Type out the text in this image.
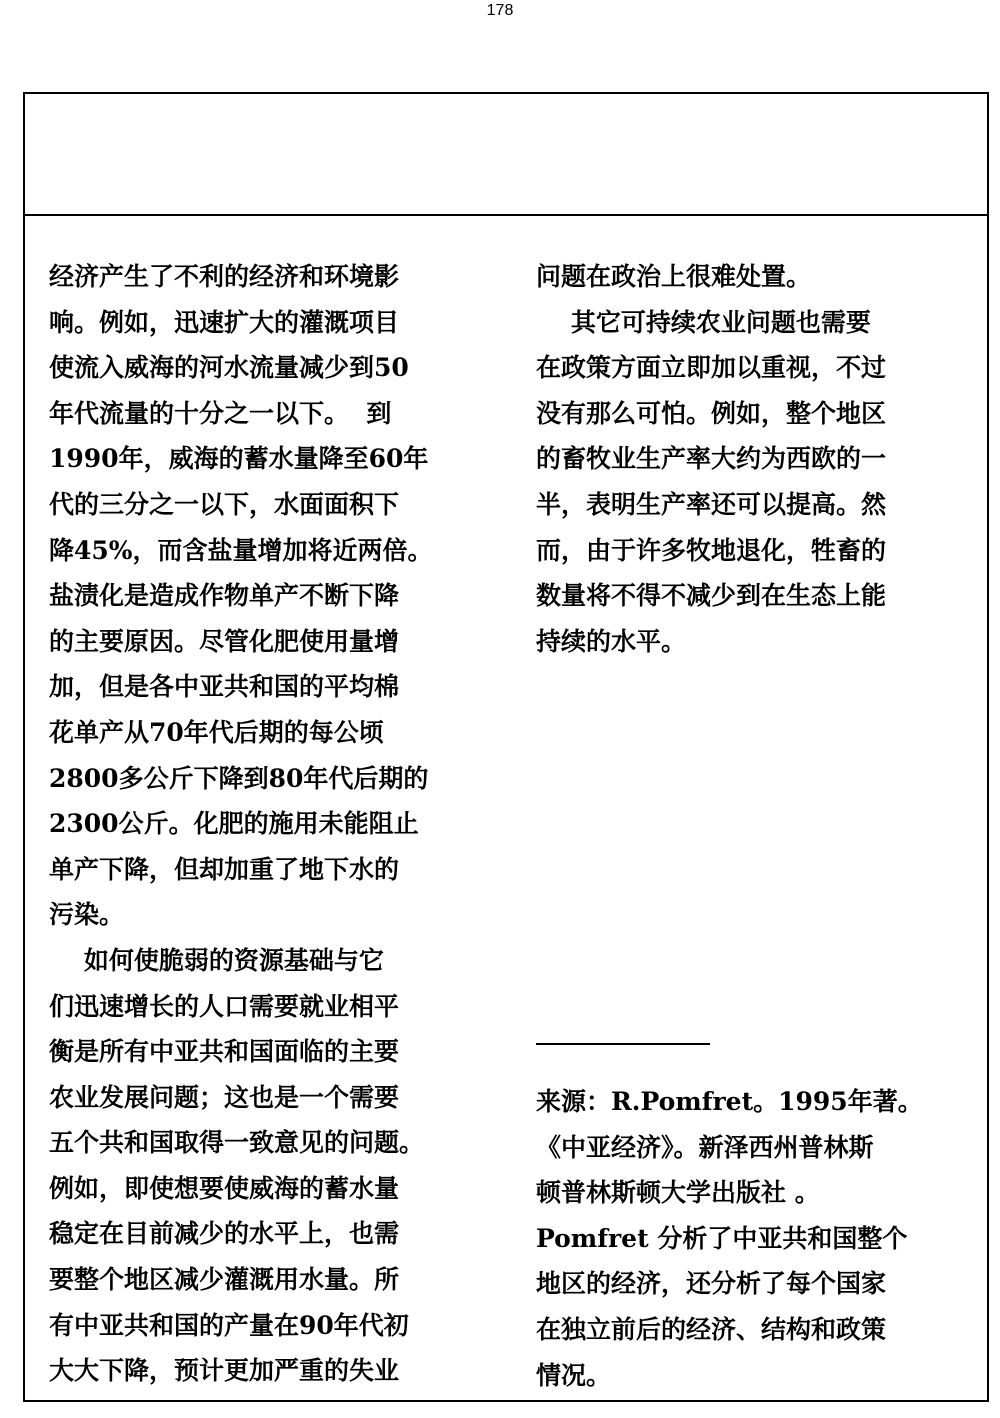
178
经济产生了不利的经济和环境影
响。例如，迅速扩大的灌溉项目
使流入威海的河水流量减少到50
年代流量的十分之一以下。  到
1990年，威海的蓄水量降至60年
代的三分之一以下，水面面积下
降45%，而含盐量增加将近两倍。
盐渍化是造成作物单产不断下降
的主要原因。尽管化肥使用量增
加，但是各中亚共和国的平均棉
花单产从70年代后期的每公顷
2800多公斤下降到80年代后期的
2300公斤。化肥的施用未能阻止
单产下降，但却加重了地下水的
污染。
如何使脆弱的资源基础与它
们迅速增长的人口需要就业相平
衡是所有中亚共和国面临的主要
农业发展问题；这也是一个需要
五个共和国取得一致意见的问题。
例如，即使想要使威海的蓄水量
稳定在目前减少的水平上，也需
要整个地区减少灌溉用水量。所
有中亚共和国的产量在90年代初
大大下降，预计更加严重的失业
问题在政治上很难处置。
其它可持续农业问题也需要
在政策方面立即加以重视，不过
没有那么可怕。例如，整个地区
的畜牧业生产率大约为西欧的一
半，表明生产率还可以提高。然
而，由于许多牧地退化，牲畜的
数量将不得不减少到在生态上能
持续的水平。
来源：R.Pomfret。1995年著。
《中亚经济》。新泽西州普林斯
顿普林斯顿大学出版社 。
Pomfret 分析了中亚共和国整个
地区的经济，还分析了每个国家
在独立前后的经济、结构和政策
情况。
